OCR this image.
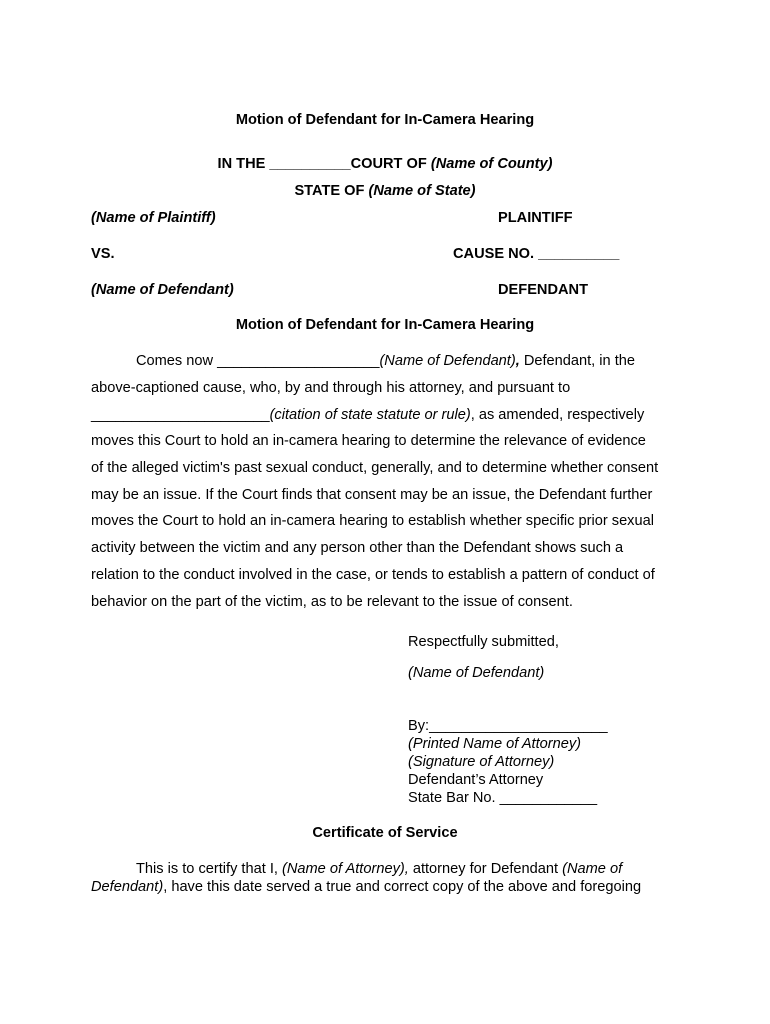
Motion of Defendant for In-Camera Hearing
IN THE __________COURT OF (Name of County)
STATE OF (Name of State)
(Name of Plaintiff)	PLAINTIFF
VS.	CAUSE NO. __________
(Name of Defendant)	DEFENDANT
Motion of Defendant for In-Camera Hearing
Comes now ____________________(Name of Defendant), Defendant, in the
above-captioned cause, who, by and through his attorney, and pursuant to
______________________(citation of state statute or rule), as amended, respectively
moves this Court to hold an in-camera hearing to determine the relevance of evidence
of the alleged victim's past sexual conduct, generally, and to determine whether consent
may be an issue. If the Court finds that consent may be an issue, the Defendant further
moves the Court to hold an in-camera hearing to establish whether specific prior sexual
activity between the victim and any person other than the Defendant shows such a
relation to the conduct involved in the case, or tends to establish a pattern of conduct of
behavior on the part of the victim, as to be relevant to the issue of consent.
Respectfully submitted,
(Name of Defendant)
By:______________________
(Printed Name of Attorney)
(Signature of Attorney)
Defendant’s Attorney
State Bar No. ____________
Certificate of Service
This is to certify that I, (Name of Attorney), attorney for Defendant (Name of
Defendant), have this date served a true and correct copy of the above and foregoing
